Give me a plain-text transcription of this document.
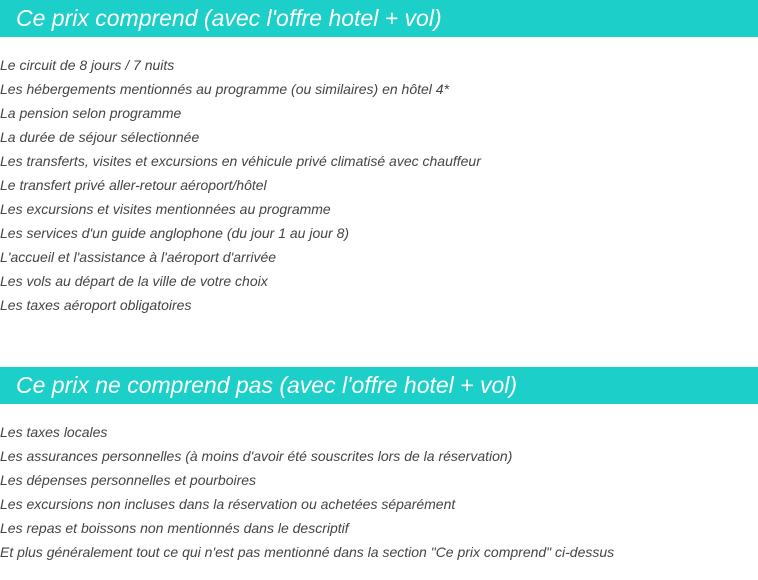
Ce prix comprend (avec l'offre hotel + vol)
Le circuit de 8 jours / 7 nuits
Les hébergements mentionnés au programme (ou similaires) en hôtel 4*
La pension selon programme
La durée de séjour sélectionnée
Les transferts, visites et excursions en véhicule privé climatisé avec chauffeur
Le transfert privé aller-retour aéroport/hôtel
Les excursions et visites mentionnées au programme
Les services d'un guide anglophone (du jour 1 au jour 8)
L'accueil et l'assistance à l'aéroport d'arrivée
Les vols au départ de la ville de votre choix
Les taxes aéroport obligatoires
Ce prix ne comprend pas (avec l'offre hotel + vol)
Les taxes locales
Les assurances personnelles (à moins d'avoir été souscrites lors de la réservation)
Les dépenses personnelles et pourboires
Les excursions non incluses dans la réservation ou achetées séparément
Les repas et boissons non mentionnés dans le descriptif
Et plus généralement tout ce qui n'est pas mentionné dans la section "Ce prix comprend" ci-dessus
